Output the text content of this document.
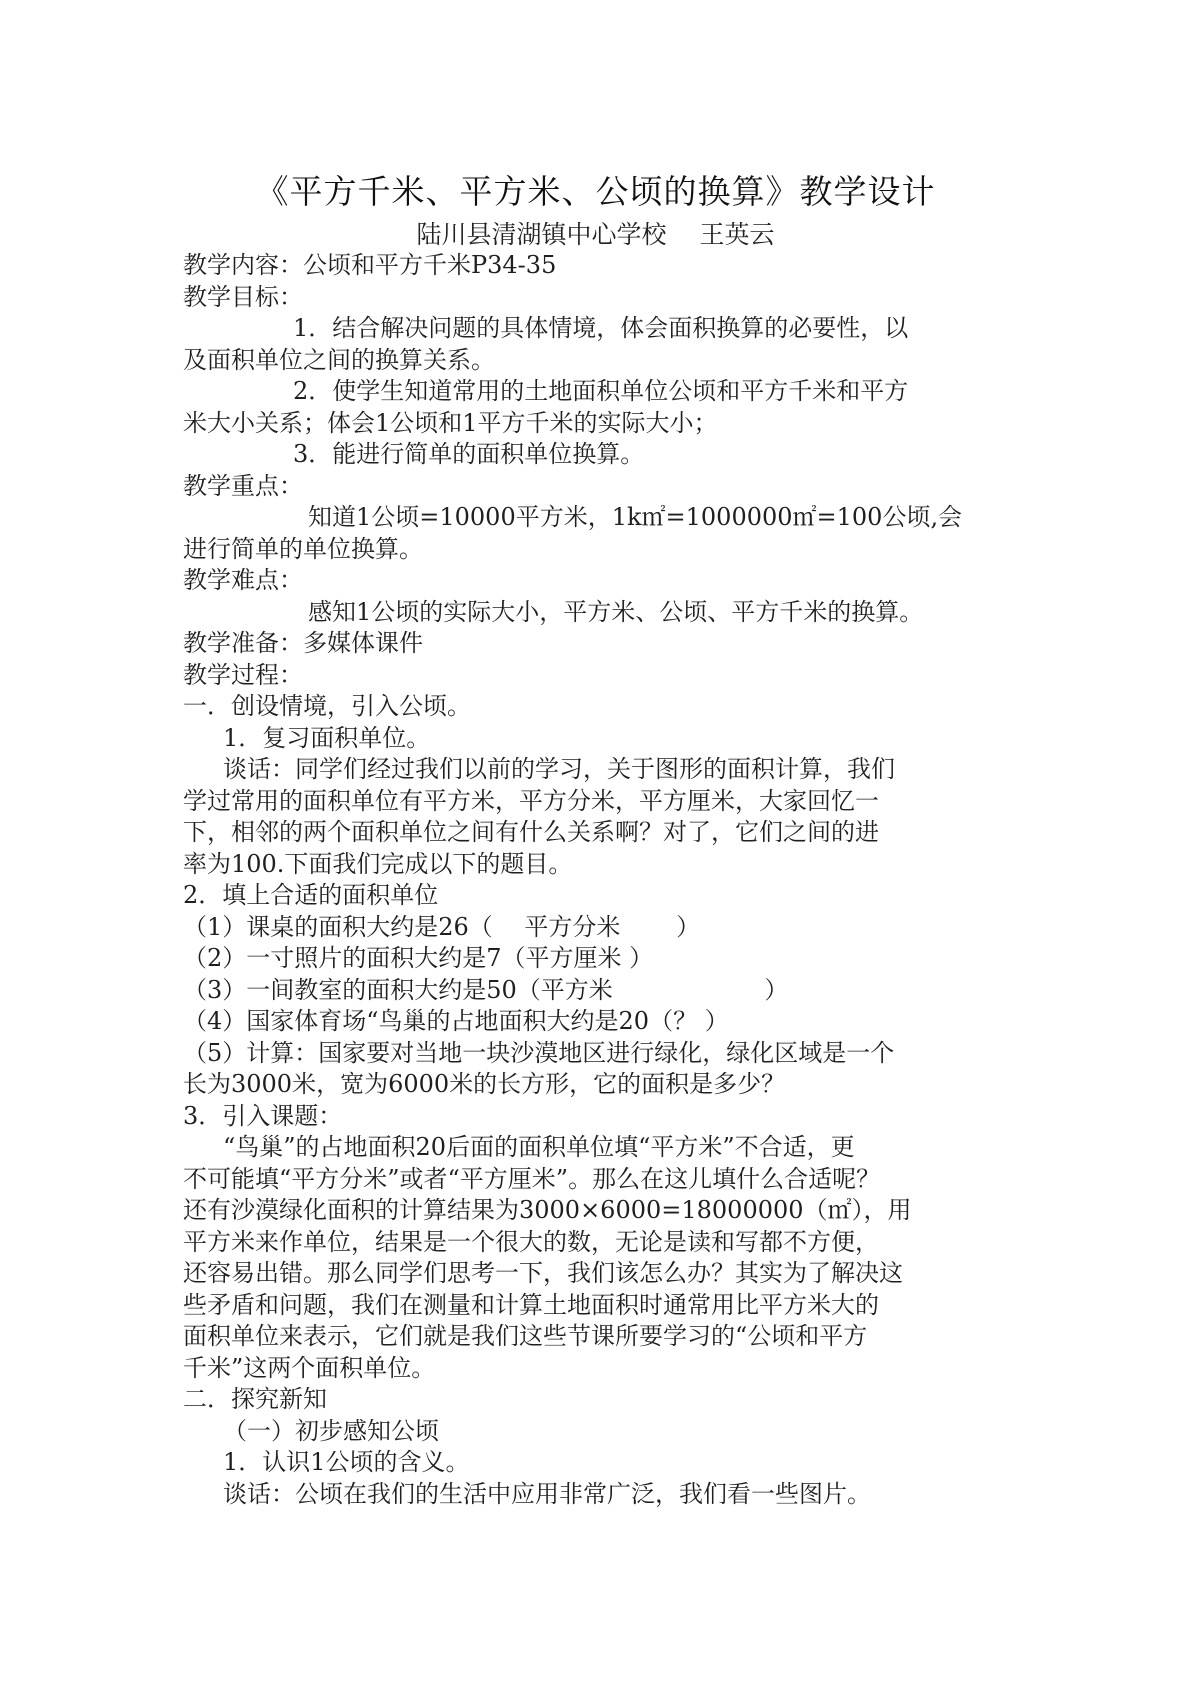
《平方千米、平方米、公顷的换算》教学设计
陆川县清湖镇中心学校　 王英云

教学内容：公顷和平方千米P34-35

教学目标：

1．结合解决问题的具体情境，体会面积换算的必要性，以

及面积单位之间的换算关系。

2．使学生知道常用的土地面积单位公顷和平方千米和平方

米大小关系；体会1公顷和1平方千米的实际大小；

3．能进行简单的面积单位换算。

教学重点：

知道1公顷=10000平方米，1k㎡=1000000㎡=100公顷,会

进行简单的单位换算。

教学难点：

感知1公顷的实际大小，平方米、公顷、平方千米的换算。

教学准备：多媒体课件

教学过程：

一．创设情境，引入公顷。

1．复习面积单位。

谈话：同学们经过我们以前的学习，关于图形的面积计算，我们

学过常用的面积单位有平方米，平方分米，平方厘米，大家回忆一

下，相邻的两个面积单位之间有什么关系啊？对了，它们之间的进

率为100.下面我们完成以下的题目。

2．填上合适的面积单位

（1）课桌的面积大约是26（　 平方分米　　 ）

（2）一寸照片的面积大约是7（平方厘米 ）

（3）一间教室的面积大约是50（平方米　　　　　　 ）

（4）国家体育场“鸟巢的占地面积大约是20（？ ）

（5）计算：国家要对当地一块沙漠地区进行绿化，绿化区域是一个

长为3000米，宽为6000米的长方形，它的面积是多少？

3．引入课题：

“鸟巢”的占地面积20后面的面积单位填“平方米”不合适，更

不可能填“平方分米”或者“平方厘米”。那么在这儿填什么合适呢？

还有沙漠绿化面积的计算结果为3000×6000=18000000（㎡），用

平方米来作单位，结果是一个很大的数，无论是读和写都不方便，

还容易出错。那么同学们思考一下，我们该怎么办？其实为了解决这

些矛盾和问题，我们在测量和计算土地面积时通常用比平方米大的

面积单位来表示，它们就是我们这些节课所要学习的“公顷和平方

千米”这两个面积单位。

二．探究新知

（一）初步感知公顷

1．认识1公顷的含义。

谈话：公顷在我们的生活中应用非常广泛，我们看一些图片。
